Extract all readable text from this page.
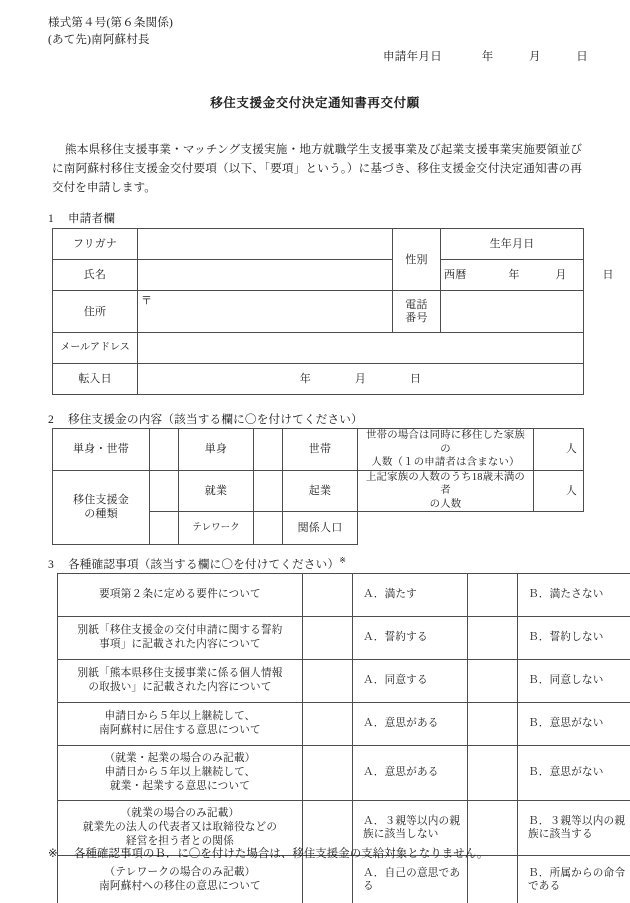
様式第４号(第６条関係)
(あて先)南阿蘇村長
申請年月日	年	月	日
移住支援金交付決定通知書再交付願
熊本県移住支援事業・マッチング支援実施・地方就職学生支援事業及び起業支援事業実施要領並びに南阿蘇村移住支援金交付要項（以下、「要項」という。）に基づき、移住支援金交付決定通知書の再交付を申請します。
1 申請者欄
フリガナ		性別	生年月日
氏名			西暦 年 月 日
住所	〒	電話
番号	
メールアドレス			
転入日	年 月 日		
2 移住支援金の内容（該当する欄に〇を付けてください）
単身・世帯		単身		世帯	世帯の場合は同時に移住した家族の
人数（１の申請者は含まない）	人
移住支援金
の種類		就業		起業	上記家族の人数のうち18歳未満の者
の人数	人
		テレワーク		関係人口		
3 各種確認事項（該当する欄に〇を付けてください）※
要項第２条に定める要件について		Ａ．満たす		Ｂ．満たさない
別紙「移住支援金の交付申請に関する誓約
事項」に記載された内容について		Ａ．誓約する		Ｂ．誓約しない
別紙「熊本県移住支援事業に係る個人情報
の取扱い」に記載された内容について		Ａ．同意する		Ｂ．同意しない
申請日から５年以上継続して、
南阿蘇村に居住する意思について		Ａ．意思がある		Ｂ．意思がない
（就業・起業の場合のみ記載）
申請日から５年以上継続して、
就業・起業する意思について		Ａ．意思がある		Ｂ．意思がない
（就業の場合のみ記載）
就業先の法人の代表者又は取締役などの
経営を担う者との関係		Ａ．３親等以内の親族に該当しない		Ｂ．３親等以内の親族に該当する
（テレワークの場合のみ記載）
南阿蘇村への移住の意思について		Ａ．自己の意思である		Ｂ．所属からの命令である
※ 各種確認事項のＢ．に〇を付けた場合は、移住支援金の支給対象となりません。
